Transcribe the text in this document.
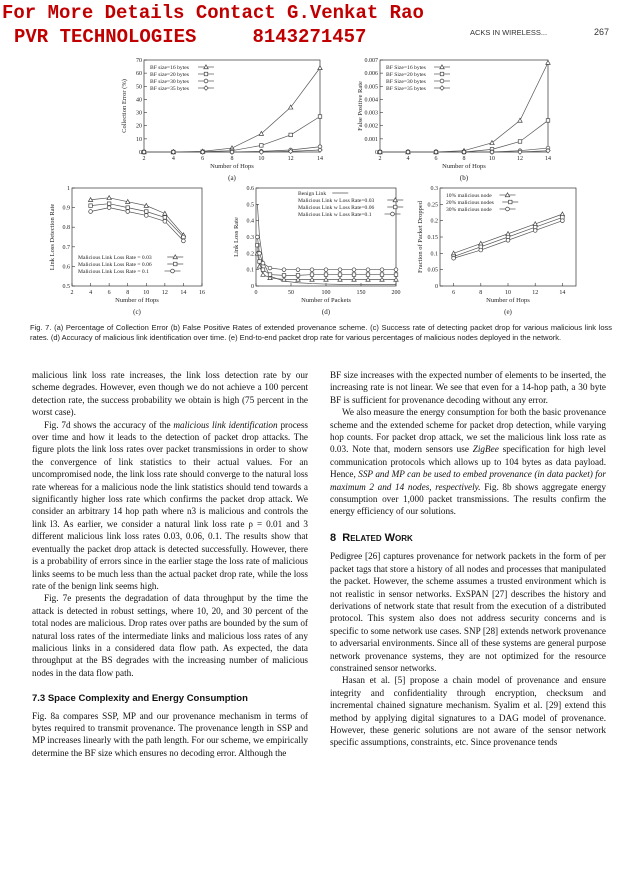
For More Details Contact G.Venkat Rao
PVR TECHNOLOGIES	8143271457	ACKS IN WIRELESS...	267
0
10
20
30
40
50
60
70
2	4	6	8	10	12	14
Number of Hops
Collection Error (%)
(a)
BF size=16 bytes
BF size=20 bytes
BF size=30 bytes
BF size=35 bytes
0
0.001
0.002
0.003
0.004
0.005
0.006
0.007
2	4	6	8	10	12	14
Number of Hops
False Positive Rate
(b)
BF Size=16 bytes
BF Size=20 bytes
BF Size=30 bytes
BF Size=35 bytes
0.5
0.6
0.7
0.8
0.9
1
2	4	6	8 10 12 14 16
Number of Hops
Link Loss Detection Rate
(c)
Malicious Link Loss Rate = 0.03
Malicious Link Loss Rate = 0.06
Malicious Link Loss Rate = 0.1
0
0.1
0.2
0.3
0.4
0.5
0.6
0	50	100	150	200
Number of Packets
Link Loss Rate
(d)
Benign Link
Malicious Link w Loss Rate=0.03
Malicious Link w Loss Rate=0.06
Malicious Link w Loss Rate=0.1
0
0.05
0.1
0.15
0.2
0.25
0.3
6	8	10	12	14
Number of Hops
Fraction of Packet Dropped
(e)
10% malicious node
20% malicious nodes
30% malicious node
Fig. 7. (a) Percentage of Collection Error (b) False Positive Rates of extended provenance scheme. (c) Success rate of detecting packet drop for various malicious link loss rates. (d) Accuracy of malicious link identification over time. (e) End-to-end packet drop rate for various percentages of malicious nodes deployed in the network.

malicious link loss rate increases, the link loss detection rate by our scheme degrades. However, even though we do not achieve a 100 percent detection rate, the success probability we obtain is high (75 percent in the worst case).

Fig. 7d shows the accuracy of the malicious link identification process over time and how it leads to the detection of packet drop attacks. The figure plots the link loss rates over packet transmissions in order to show the convergence of link statistics to their actual values. For an uncompromised node, the link loss rate should converge to the natural loss rate whereas for a malicious node the link statistics should tend towards a significantly higher loss rate which confirms the packet drop attack. We consider an arbitrary 14 hop path where n3 is malicious and controls the link l3. As earlier, we consider a natural link loss rate ρ = 0.01 and 3 different malicious link loss rates 0.03, 0.06, 0.1. The results show that eventually the packet drop attack is detected successfully. However, there is a probability of errors since in the earlier stage the loss rate of malicious links seems to be much less than the actual packet drop rate, while the loss rate of the benign link seems high.

Fig. 7e presents the degradation of data throughput by the time the attack is detected in robust settings, where 10, 20, and 30 percent of the total nodes are malicious. Drop rates over paths are bounded by the sum of natural loss rates of the intermediate links and malicious loss rates of any malicious links in a considered data flow path. As expected, the data throughput at the BS degrades with the increasing number of malicious nodes in the data flow path.

7.3 Space Complexity and Energy Consumption

Fig. 8a compares SSP, MP and our provenance mechanism in terms of bytes required to transmit provenance. The provenance length in SSP and MP increases linearly with the path length. For our scheme, we empirically determine the BF size which ensures no decoding error. Although the

BF size increases with the expected number of elements to be inserted, the increasing rate is not linear. We see that even for a 14-hop path, a 30 byte BF is sufficient for provenance decoding without any error.

We also measure the energy consumption for both the basic provenance scheme and the extended scheme for packet drop detection, while varying hop counts. For packet drop attack, we set the malicious link loss rate as 0.03. Note that, modern sensors use ZigBee specification for high level communication protocols which allows up to 104 bytes as data payload. Hence, SSP and MP can be used to embed provenance (in data packet) for maximum 2 and 14 nodes, respectively. Fig. 8b shows aggregate energy consumption over 1,000 packet transmissions. The results confirm the energy efficiency of our solutions.

8 Related Work

Pedigree [26] captures provenance for network packets in the form of per packet tags that store a history of all nodes and processes that manipulated the packet. However, the scheme assumes a trusted environment which is not realistic in sensor networks. ExSPAN [27] describes the history and derivations of network state that result from the execution of a distributed protocol. This system also does not address security concerns and is specific to some network use cases. SNP [28] extends network provenance to adversarial environments. Since all of these systems are general purpose network provenance systems, they are not optimized for the resource constrained sensor networks.

Hasan et al. [5] propose a chain model of provenance and ensure integrity and confidentiality through encryption, checksum and incremental chained signature mechanism. Syalim et al. [29] extend this method by applying digital signatures to a DAG model of provenance. However, these generic solutions are not aware of the sensor network specific assumptions, constraints, etc. Since provenance tends
